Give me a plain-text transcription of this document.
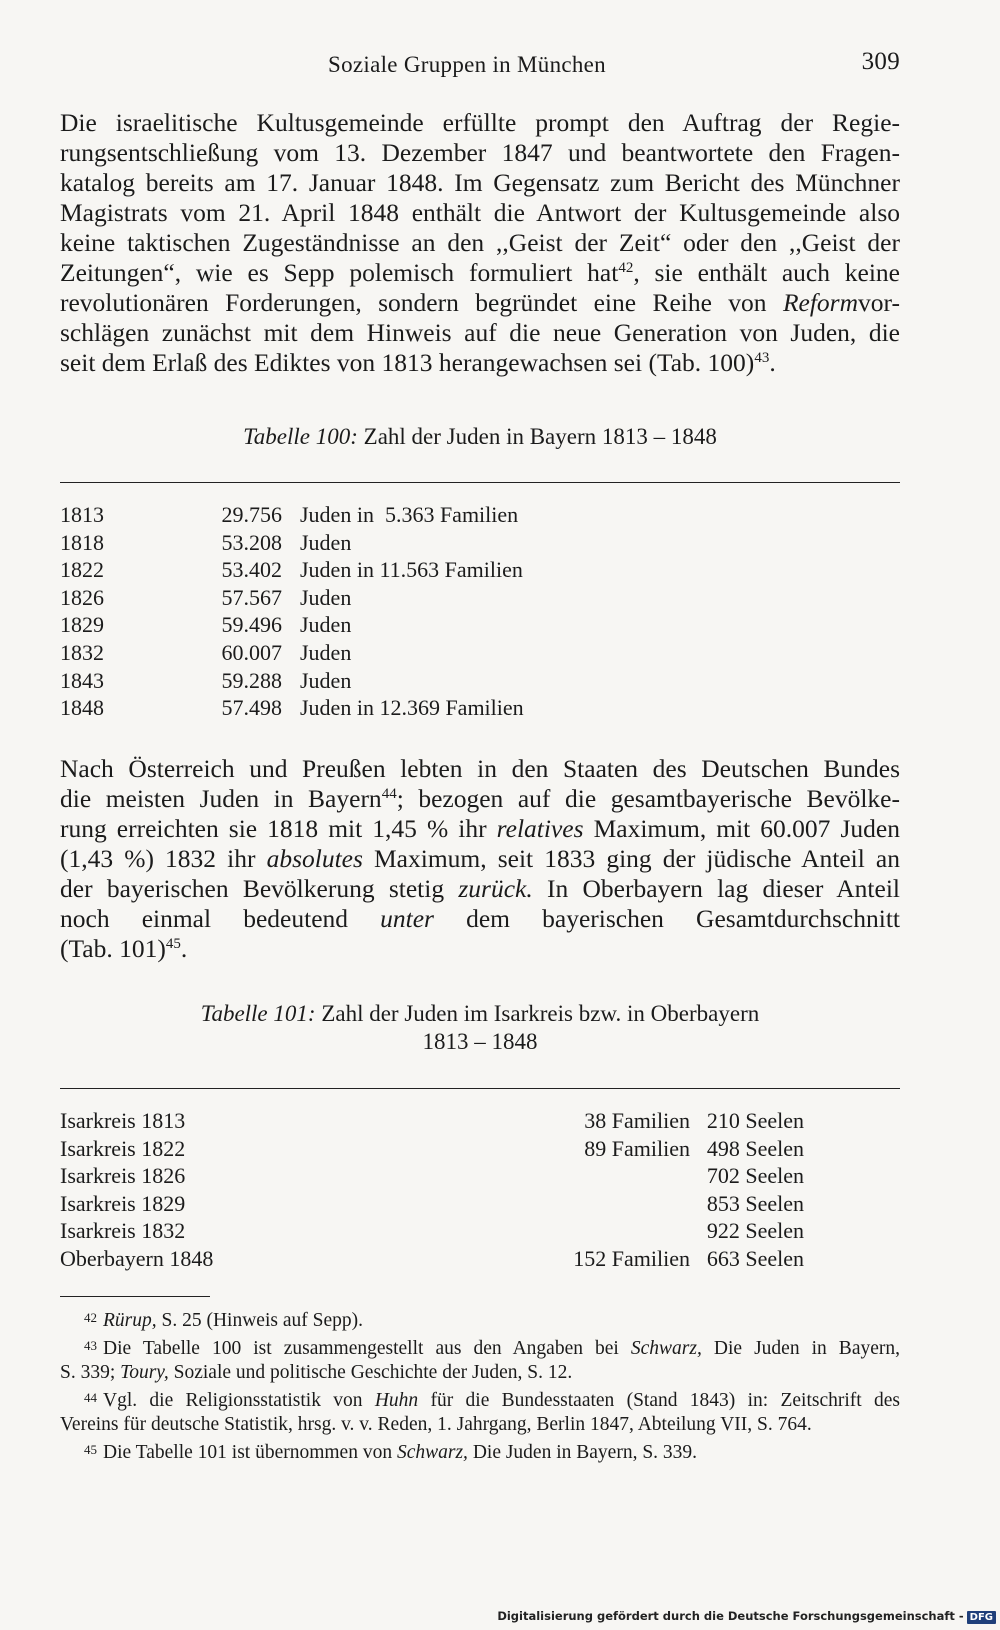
Soziale Gruppen in München	309
Die israelitische Kultusgemeinde erfüllte prompt den Auftrag der Regie-
rungsentschließung vom 13. Dezember 1847 und beantwortete den Fragen-
katalog bereits am 17. Januar 1848. Im Gegensatz zum Bericht des Münchner
Magistrats vom 21. April 1848 enthält die Antwort der Kultusgemeinde also
keine taktischen Zugeständnisse an den ,,Geist der Zeit“ oder den ,,Geist der
Zeitungen“, wie es Sepp polemisch formuliert hat$^{42}$, sie enthält auch keine
revolutionären Forderungen, sondern begründet eine Reihe von Reformvor-
schlägen zunächst mit dem Hinweis auf die neue Generation von Juden, die
seit dem Erlaß des Ediktes von 1813 herangewachsen sei (Tab. 100)$^{43}$.
Tabelle 100: Zahl der Juden in Bayern 1813 – 1848
1813	29.756 Juden in  5.363 Familien
1818	53.208 Juden
1822	53.402 Juden in 11.563 Familien
1826	57.567 Juden
1829	59.496 Juden
1832	60.007 Juden
1843	59.288 Juden
1848	57.498 Juden in 12.369 Familien
Nach Österreich und Preußen lebten in den Staaten des Deutschen Bundes
die meisten Juden in Bayern$^{44}$; bezogen auf die gesamtbayerische Bevölke-
rung erreichten sie 1818 mit 1,45 % ihr relatives Maximum, mit 60.007 Juden
(1,43 %) 1832 ihr absolutes Maximum, seit 1833 ging der jüdische Anteil an
der bayerischen Bevölkerung stetig zurück. In Oberbayern lag dieser Anteil
noch einmal bedeutend unter dem bayerischen Gesamtdurchschnitt
(Tab. 101)$^{45}$.
Tabelle 101: Zahl der Juden im Isarkreis bzw. in Oberbayern
1813 – 1848
Isarkreis 1813	38 Familien 210 Seelen
Isarkreis 1822	89 Familien 498 Seelen
Isarkreis 1826	702 Seelen
Isarkreis 1829	853 Seelen
Isarkreis 1832	922 Seelen
Oberbayern 1848	152 Familien 663 Seelen
$^{42}$ Rürup, S. 25 (Hinweis auf Sepp).
$^{43}$ Die Tabelle 100 ist zusammengestellt aus den Angaben bei Schwarz, Die Juden in Bayern,
S. 339; Toury, Soziale und politische Geschichte der Juden, S. 12.
$^{44}$ Vgl. die Religionsstatistik von Huhn für die Bundesstaaten (Stand 1843) in: Zeitschrift des
Vereins für deutsche Statistik, hrsg. v. v. Reden, 1. Jahrgang, Berlin 1847, Abteilung VII, S. 764.
$^{45}$ Die Tabelle 101 ist übernommen von Schwarz, Die Juden in Bayern, S. 339.
Digitalisierung gefördert durch die Deutsche Forschungsgemeinschaft - DFG
